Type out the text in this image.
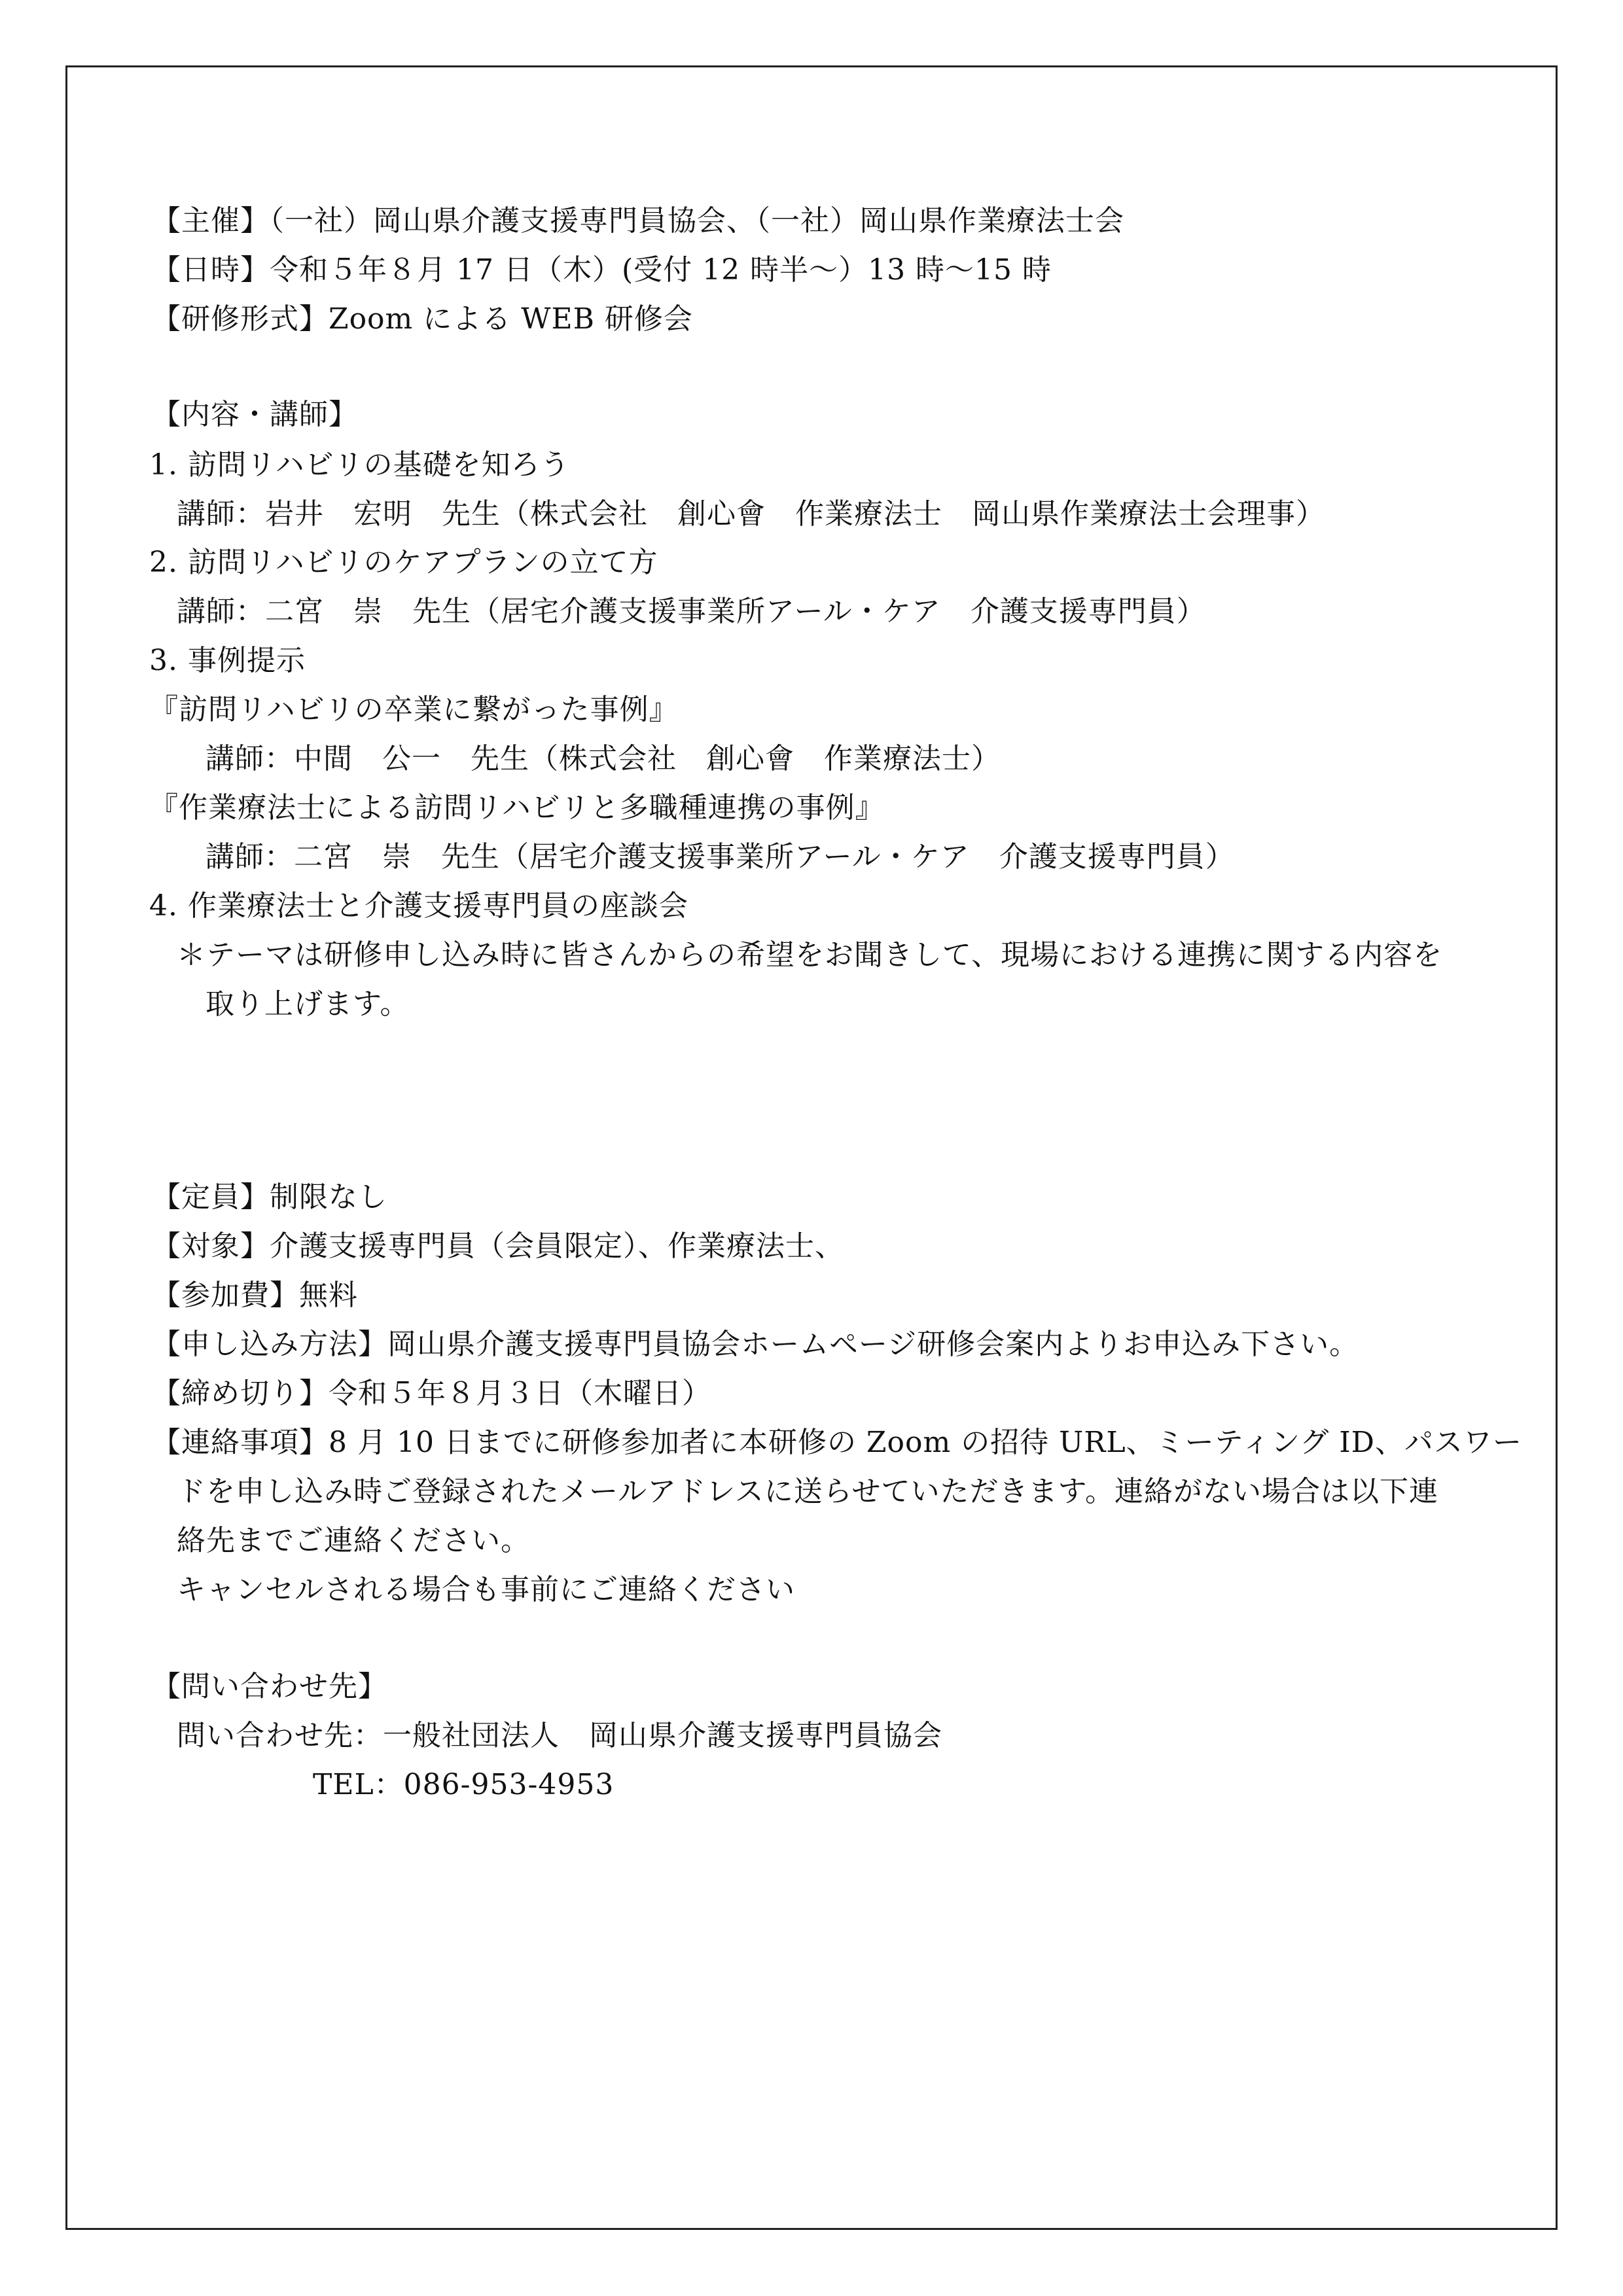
【主催】（一社）岡山県介護支援専門員協会、（一社）岡山県作業療法士会
【日時】令和５年８月 17 日（木）(受付 12 時半～）13 時～15 時
【研修形式】Zoom による WEB 研修会
【内容・講師】
1. 訪問リハビリの基礎を知ろう
講師：岩井　宏明　先生（株式会社　創心會　作業療法士　岡山県作業療法士会理事）
2. 訪問リハビリのケアプランの立て方
講師：二宮　崇　先生（居宅介護支援事業所アール・ケア　介護支援専門員）
3. 事例提示
『訪問リハビリの卒業に繋がった事例』
講師：中間　公一　先生（株式会社　創心會　作業療法士）
『作業療法士による訪問リハビリと多職種連携の事例』
講師：二宮　崇　先生（居宅介護支援事業所アール・ケア　介護支援専門員）
4. 作業療法士と介護支援専門員の座談会
＊テーマは研修申し込み時に皆さんからの希望をお聞きして、現場における連携に関する内容を
取り上げます。
【定員】制限なし
【対象】介護支援専門員（会員限定）、作業療法士、
【参加費】無料
【申し込み方法】岡山県介護支援専門員協会ホームページ研修会案内よりお申込み下さい。
【締め切り】令和５年８月３日（木曜日）
【連絡事項】8 月 10 日までに研修参加者に本研修の Zoom の招待 URL、ミーティング ID、パスワー
ドを申し込み時ご登録されたメールアドレスに送らせていただきます。連絡がない場合は以下連
絡先までご連絡ください。
キャンセルされる場合も事前にご連絡ください
【問い合わせ先】
問い合わせ先：一般社団法人　岡山県介護支援専門員協会
TEL：086-953-4953
